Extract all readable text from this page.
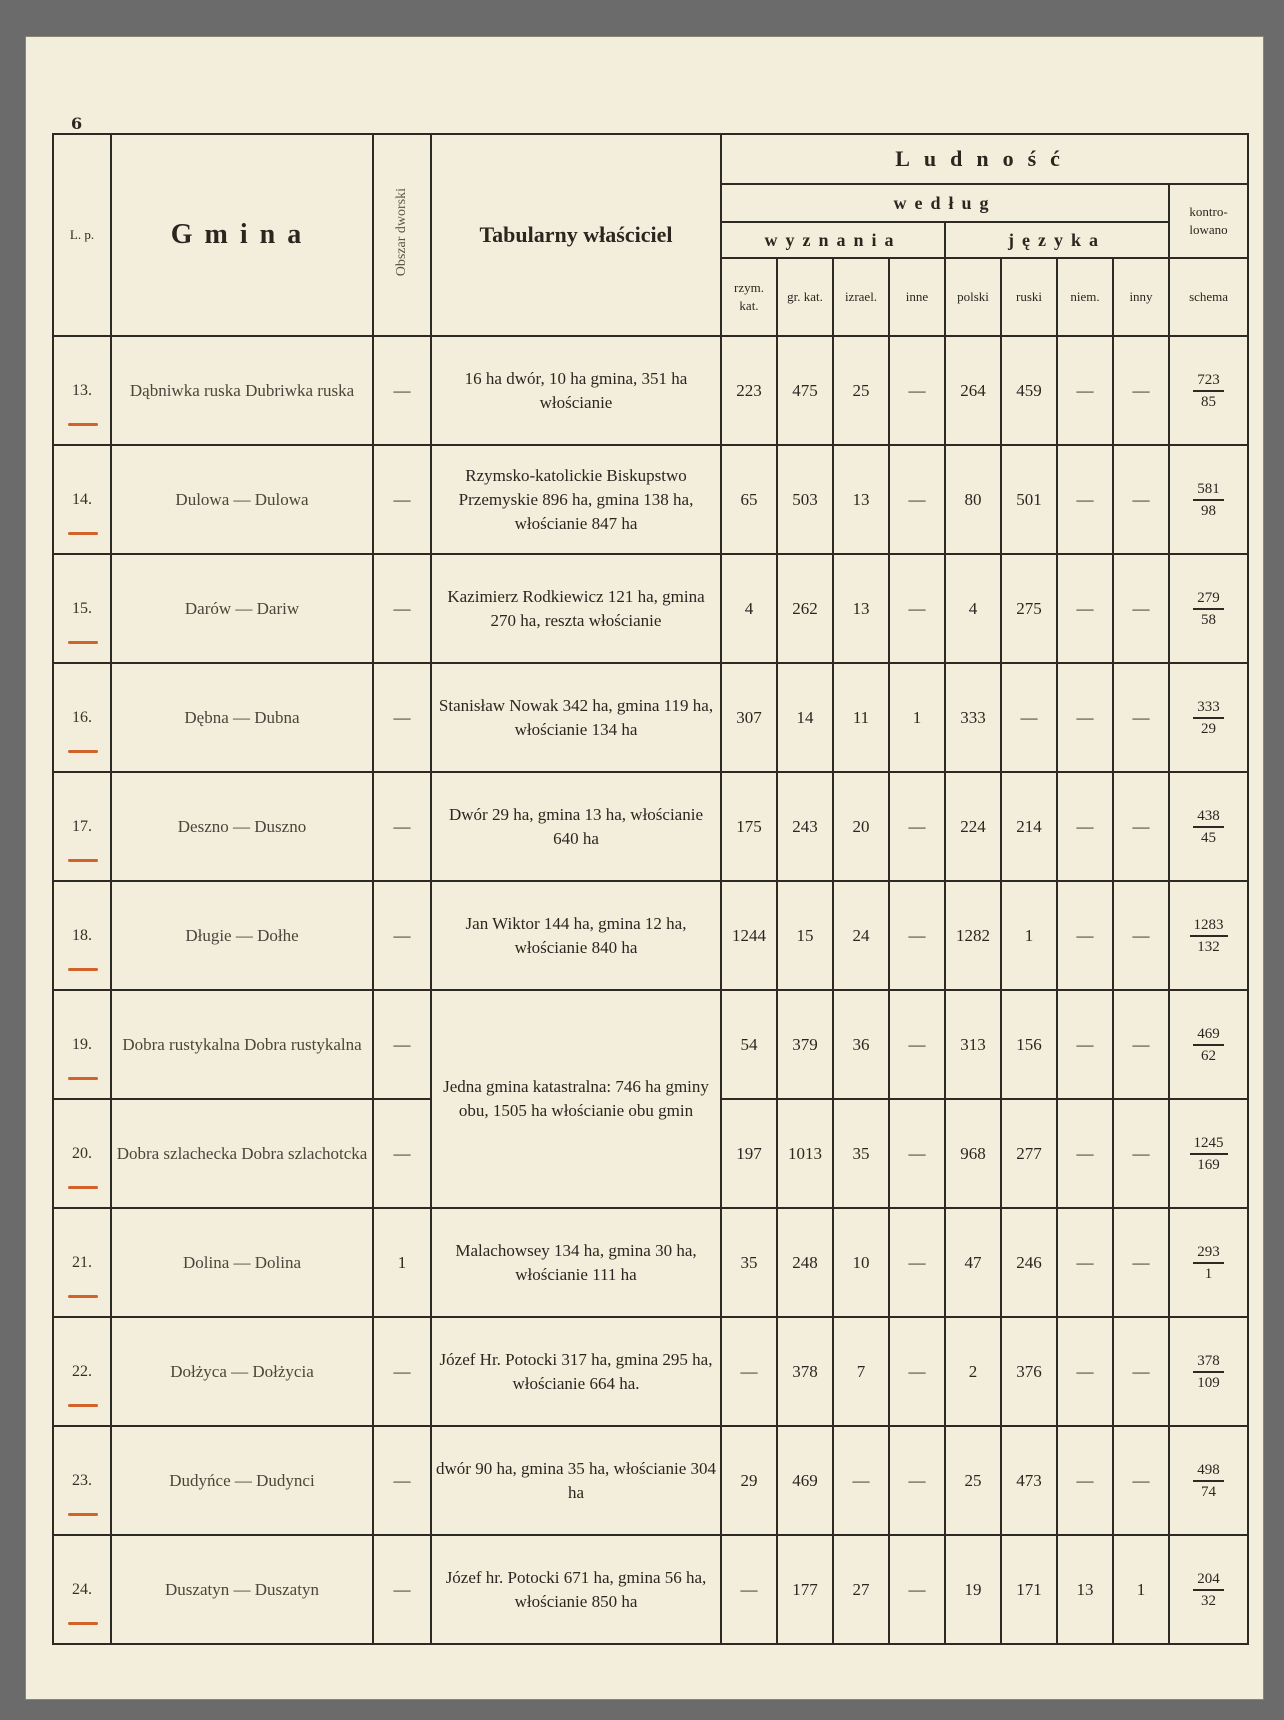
6
L. p.	Gmina	Obszar dworski	Tabularny właściciel	Ludność
według	kontro-lowano
wyznania	języka
rzym. kat.	gr. kat.	izrael.	inne	polski	ruski	niem.	inny	schema
13.	Dąbniwka ruska Dubriwka ruska	—	16 ha dwór, 10 ha gmina, 351 ha włościanie	223	475	25	—	264	459	—	—	$\frac{723}{85}$

14.	Dulowa — Dulowa	—	Rzymsko-katolickie Biskupstwo Przemyskie 896 ha, gmina 138 ha, włościanie 847 ha	65	503	13	—	80	501	—	—	$\frac{581}{98}$

15.	Darów — Dariw	—	Kazimierz Rodkiewicz 121 ha, gmina 270 ha, reszta włościanie	4	262	13	—	4	275	—	—	$\frac{279}{58}$

16.	Dębna — Dubna	—	Stanisław Nowak 342 ha, gmina 119 ha, włościanie 134 ha	307	14	11	1	333	—	—	—	$\frac{333}{29}$

17.	Deszno — Duszno	—	Dwór 29 ha, gmina 13 ha, włościanie 640 ha	175	243	20	—	224	214	—	—	$\frac{438}{45}$

18.	Długie — Dołhe	—	Jan Wiktor 144 ha, gmina 12 ha, włościanie 840 ha	1244	15	24	—	1282	1	—	—	$\frac{1283}{132}$

19.	Dobra rustykalna Dobra rustykalna	—	Jedna gmina katastralna: 746 ha gminy obu, 1505 ha włościanie obu gmin	54	379	36	—	313	156	—	—	$\frac{469}{62}$

20.	Dobra szlachecka Dobra szlachotcka	—	197	1013	35	—	968	277	—	—	$\frac{1245}{169}$

21.	Dolina — Dolina	1	Malachowsey 134 ha, gmina 30 ha, włościanie 111 ha	35	248	10	—	47	246	—	—	$\frac{293}{1}$

22.	Dołżyca — Dołżycia	—	Józef Hr. Potocki 317 ha, gmina 295 ha, włościanie 664 ha.	—	378	7	—	2	376	—	—	$\frac{378}{109}$

23.	Dudyńce — Dudynci	—	dwór 90 ha, gmina 35 ha, włościanie 304 ha	29	469	—	—	25	473	—	—	$\frac{498}{74}$

24.	Duszatyn — Duszatyn	—	Józef hr. Potocki 671 ha, gmina 56 ha, włościanie 850 ha	—	177	27	—	19	171	13	1	$\frac{204}{32}$
